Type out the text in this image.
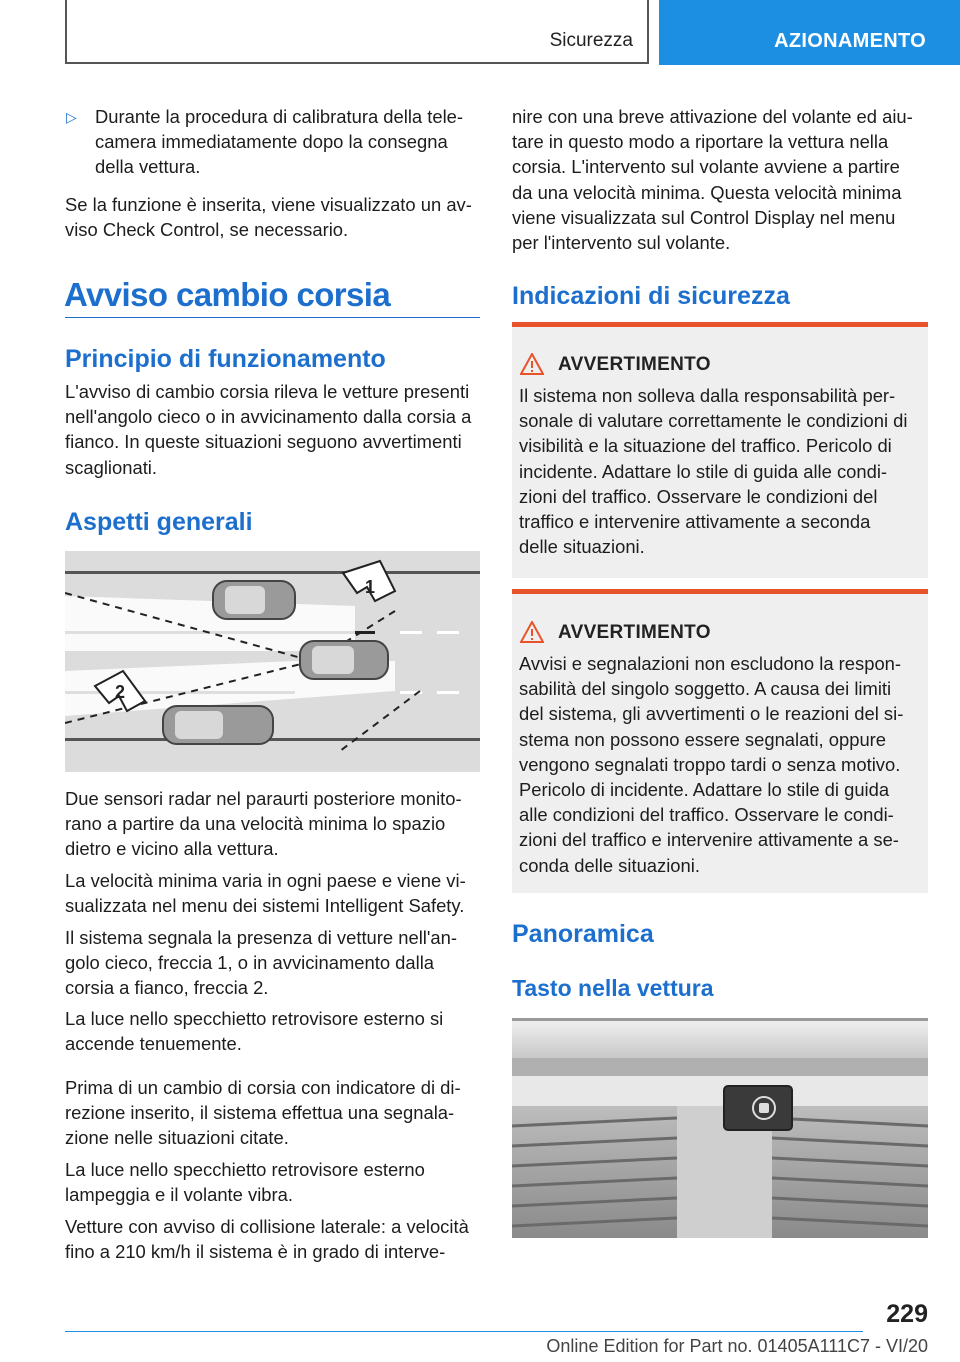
Sicurezza	AZIONAMENTO
▷ Durante la procedura di calibratura della tele-
camera immediatamente dopo la consegna
della vettura.
Se la funzione è inserita, viene visualizzato un av-
viso Check Control, se necessario.
Avviso cambio corsia
Principio di funzionamento
L'avviso di cambio corsia rileva le vetture presenti
nell'angolo cieco o in avvicinamento dalla corsia a
fianco. In queste situazioni seguono avvertimenti
scaglionati.
Aspetti generali
1
2
Due sensori radar nel paraurti posteriore monito-
rano a partire da una velocità minima lo spazio
dietro e vicino alla vettura.
La velocità minima varia in ogni paese e viene vi-
sualizzata nel menu dei sistemi Intelligent Safety.
Il sistema segnala la presenza di vetture nell'an-
golo cieco, freccia 1, o in avvicinamento dalla
corsia a fianco, freccia 2.
La luce nello specchietto retrovisore esterno si
accende tenuemente.
Prima di un cambio di corsia con indicatore di di-
rezione inserito, il sistema effettua una segnala-
zione nelle situazioni citate.
La luce nello specchietto retrovisore esterno
lampeggia e il volante vibra.
Vetture con avviso di collisione laterale: a velocità
fino a 210 km/h il sistema è in grado di interve-
nire con una breve attivazione del volante ed aiu-
tare in questo modo a riportare la vettura nella
corsia. L'intervento sul volante avviene a partire
da una velocità minima. Questa velocità minima
viene visualizzata sul Control Display nel menu
per l'intervento sul volante.
Indicazioni di sicurezza
AVVERTIMENTO
Il sistema non solleva dalla responsabilità per-
sonale di valutare correttamente le condizioni di
visibilità e la situazione del traffico. Pericolo di
incidente. Adattare lo stile di guida alle condi-
zioni del traffico. Osservare le condizioni del
traffico e intervenire attivamente a seconda
delle situazioni.
AVVERTIMENTO
Avvisi e segnalazioni non escludono la respon-
sabilità del singolo soggetto. A causa dei limiti
del sistema, gli avvertimenti o le reazioni del si-
stema non possono essere segnalati, oppure
vengono segnalati troppo tardi o senza motivo.
Pericolo di incidente. Adattare lo stile di guida
alle condizioni del traffico. Osservare le condi-
zioni del traffico e intervenire attivamente a se-
conda delle situazioni.
Panoramica
Tasto nella vettura
229
Online Edition for Part no. 01405A111C7 - VI/20
